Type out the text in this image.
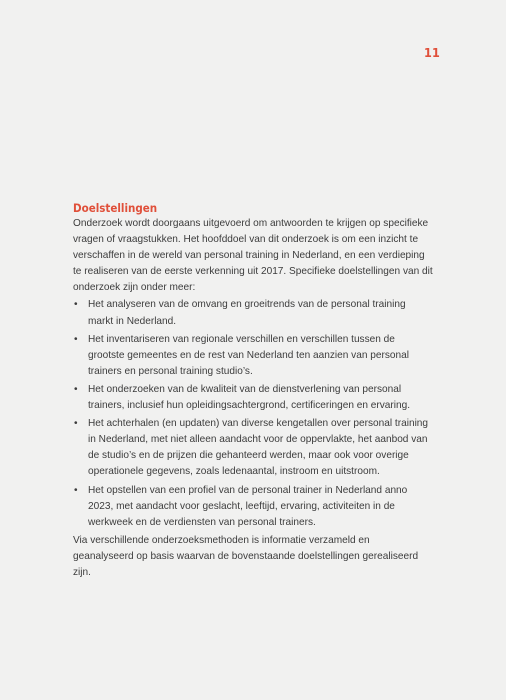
11
Doelstellingen

Onderzoek wordt doorgaans uitgevoerd om antwoorden te krijgen op specifieke vragen of vraagstukken. Het hoofddoel van dit onderzoek is om een inzicht te verschaffen in de wereld van personal training in Nederland, en een verdieping te realiseren van de eerste verkenning uit 2017. Specifieke doelstellingen van dit onderzoek zijn onder meer:

•	Het analyseren van de omvang en groeitrends van de personal training markt in Nederland.
•	Het inventariseren van regionale verschillen en verschillen tussen de grootste gemeentes en de rest van Nederland ten aanzien van personal trainers en personal training studio’s.
•	Het onderzoeken van de kwaliteit van de dienstverlening van personal trainers, inclusief hun opleidingsachtergrond, certificeringen en ervaring.
•	Het achterhalen (en updaten) van diverse kengetallen over personal training in Nederland, met niet alleen aandacht voor de oppervlakte, het aanbod van de studio’s en de prijzen die gehanteerd werden, maar ook voor overige operationele gegevens, zoals ledenaantal, instroom en uitstroom.
•	Het opstellen van een profiel van de personal trainer in Nederland anno 2023, met aandacht voor geslacht, leeftijd, ervaring, activiteiten in de werkweek en de verdiensten van personal trainers.

Via verschillende onderzoeksmethoden is informatie verzameld en geanalyseerd op basis waarvan de bovenstaande doelstellingen gerealiseerd zijn.
